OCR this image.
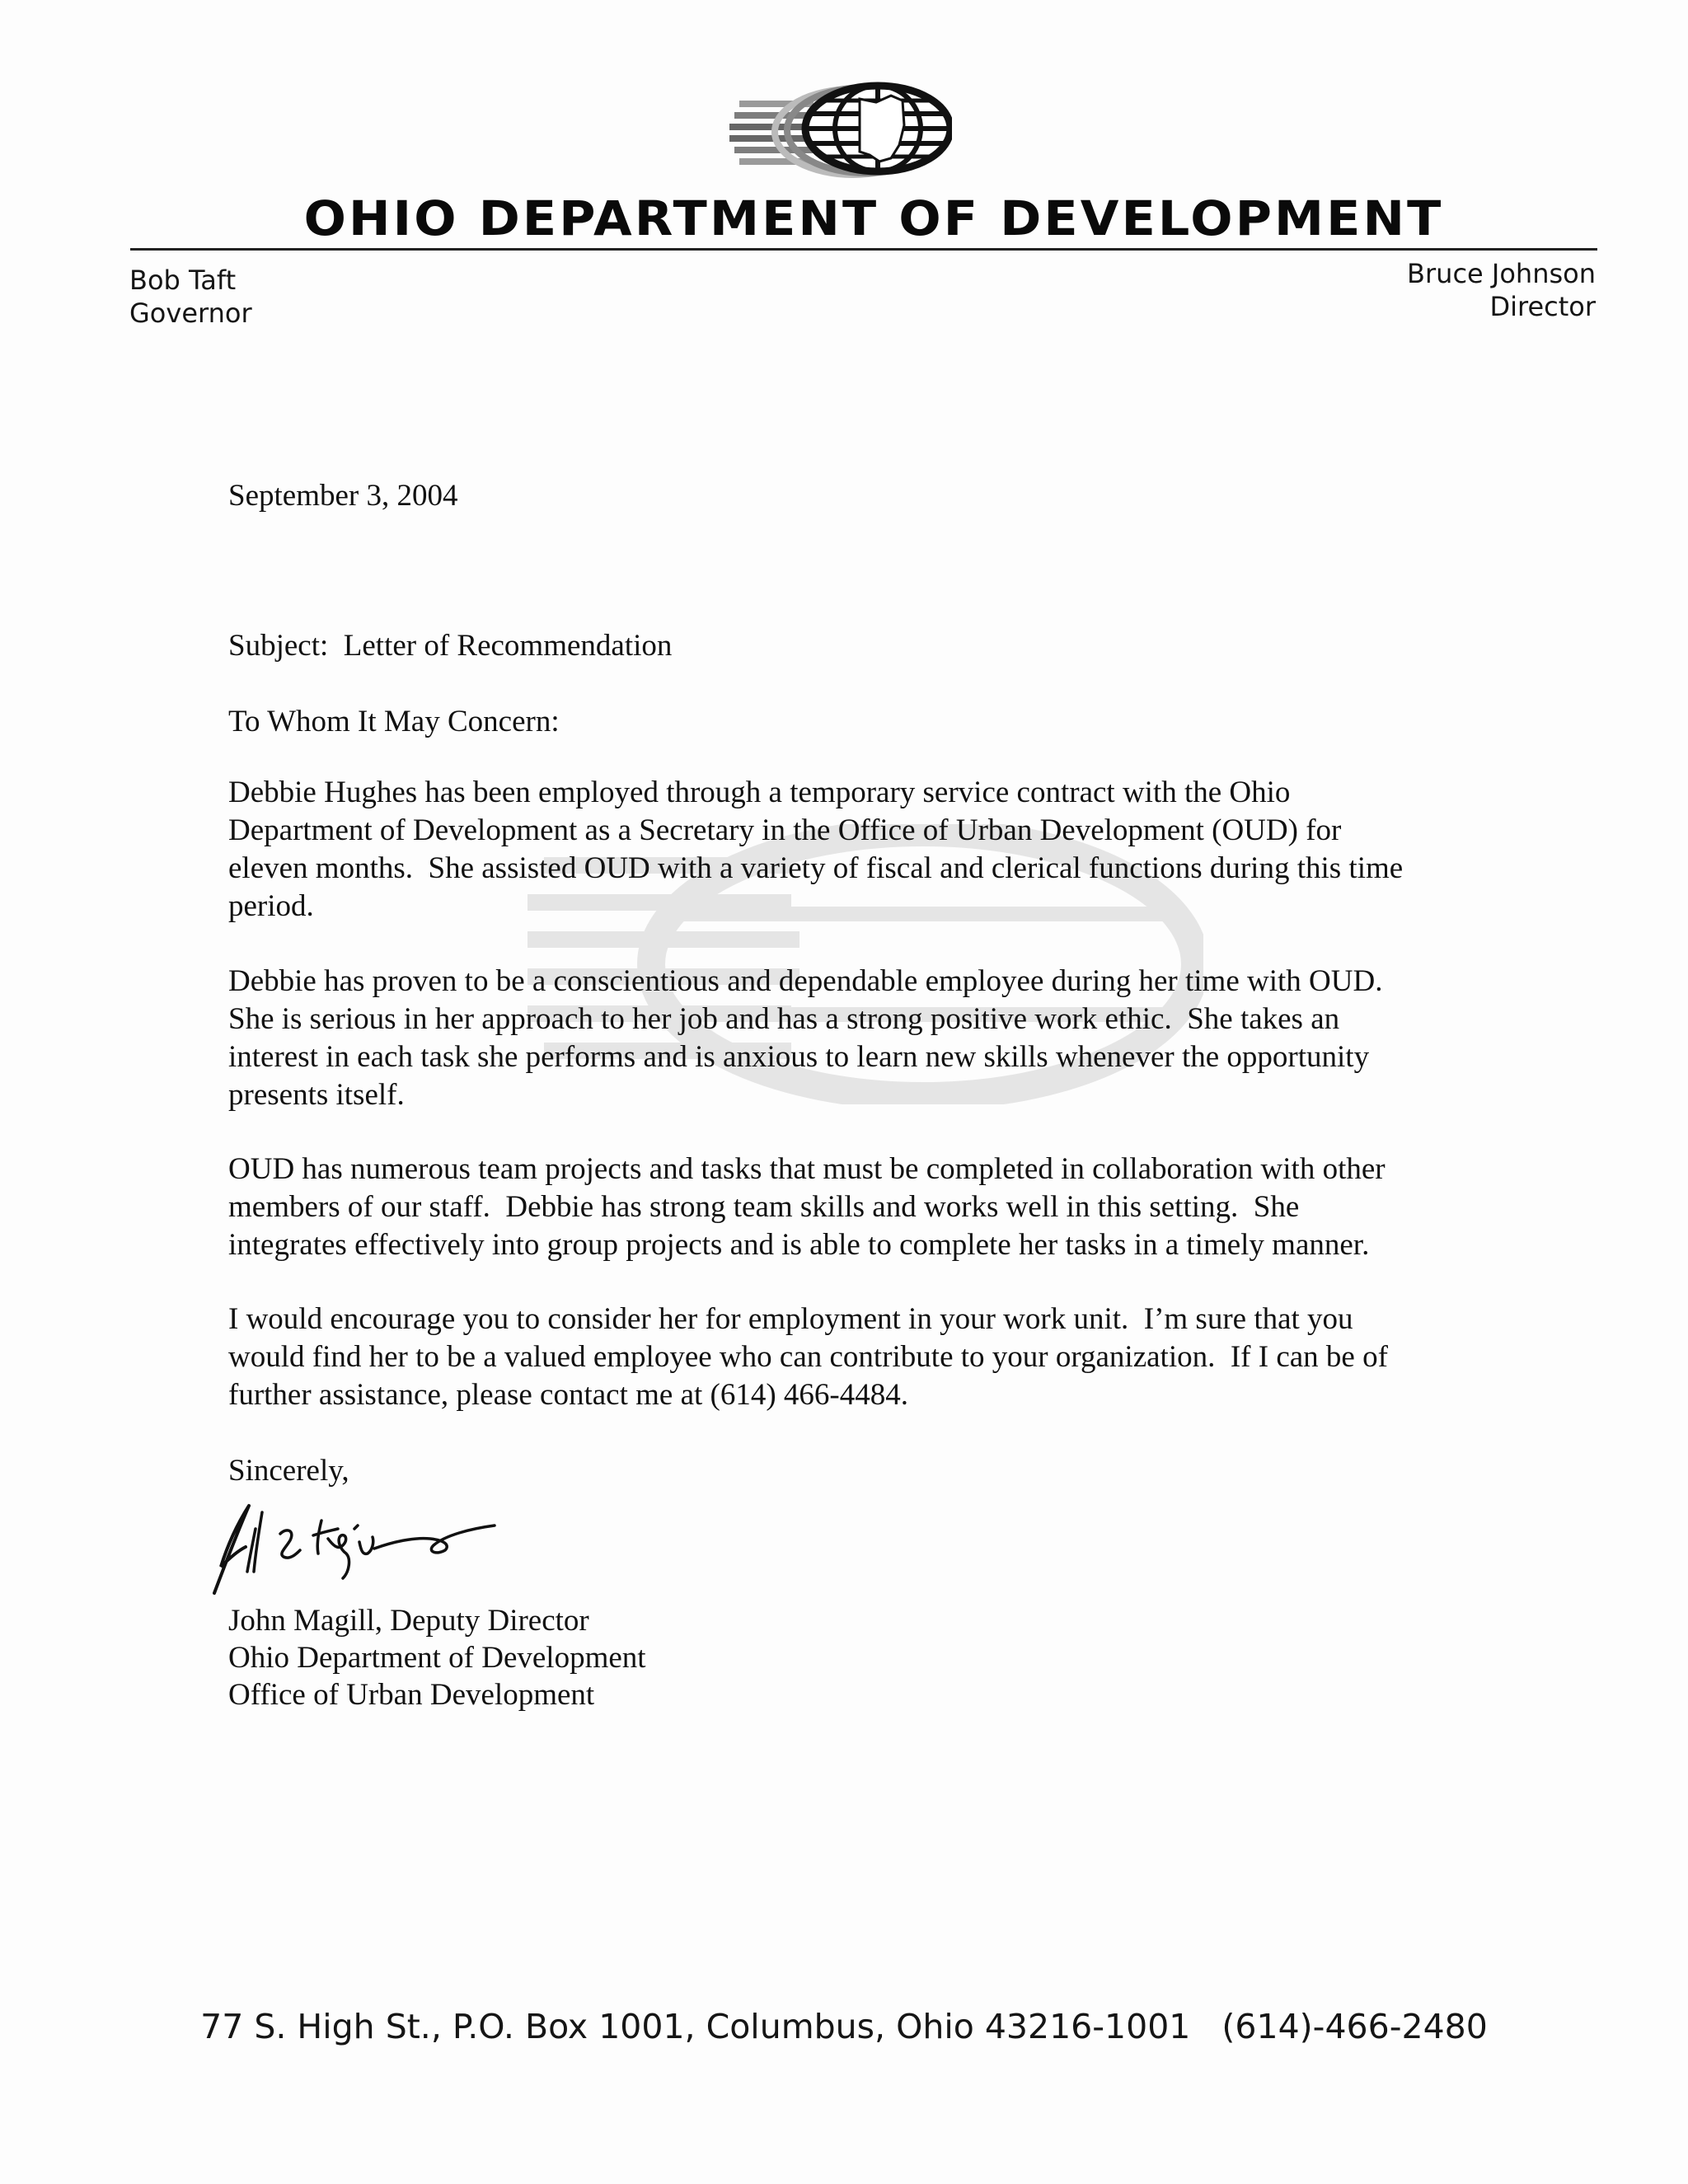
OHIO DEPARTMENT OF DEVELOPMENT
Bob Taft
Governor
Bruce Johnson
Director
September 3, 2004
Subject:  Letter of Recommendation
To Whom It May Concern:

Debbie Hughes has been employed through a temporary service contract with the Ohio

Department of Development as a Secretary in the Office of Urban Development (OUD) for

eleven months.  She assisted OUD with a variety of fiscal and clerical functions during this time

period.

Debbie has proven to be a conscientious and dependable employee during her time with OUD.

She is serious in her approach to her job and has a strong positive work ethic.  She takes an

interest in each task she performs and is anxious to learn new skills whenever the opportunity

presents itself.

OUD has numerous team projects and tasks that must be completed in collaboration with other

members of our staff.  Debbie has strong team skills and works well in this setting.  She

integrates effectively into group projects and is able to complete her tasks in a timely manner.

I would encourage you to consider her for employment in your work unit.  I’m sure that you

would find her to be a valued employee who can contribute to your organization.  If I can be of

further assistance, please contact me at (614) 466-4484.

Sincerely,
John Magill, Deputy Director
Ohio Department of Development
Office of Urban Development
77 S. High St., P.O. Box 1001, Columbus, Ohio 43216-1001 (614)-466-2480
